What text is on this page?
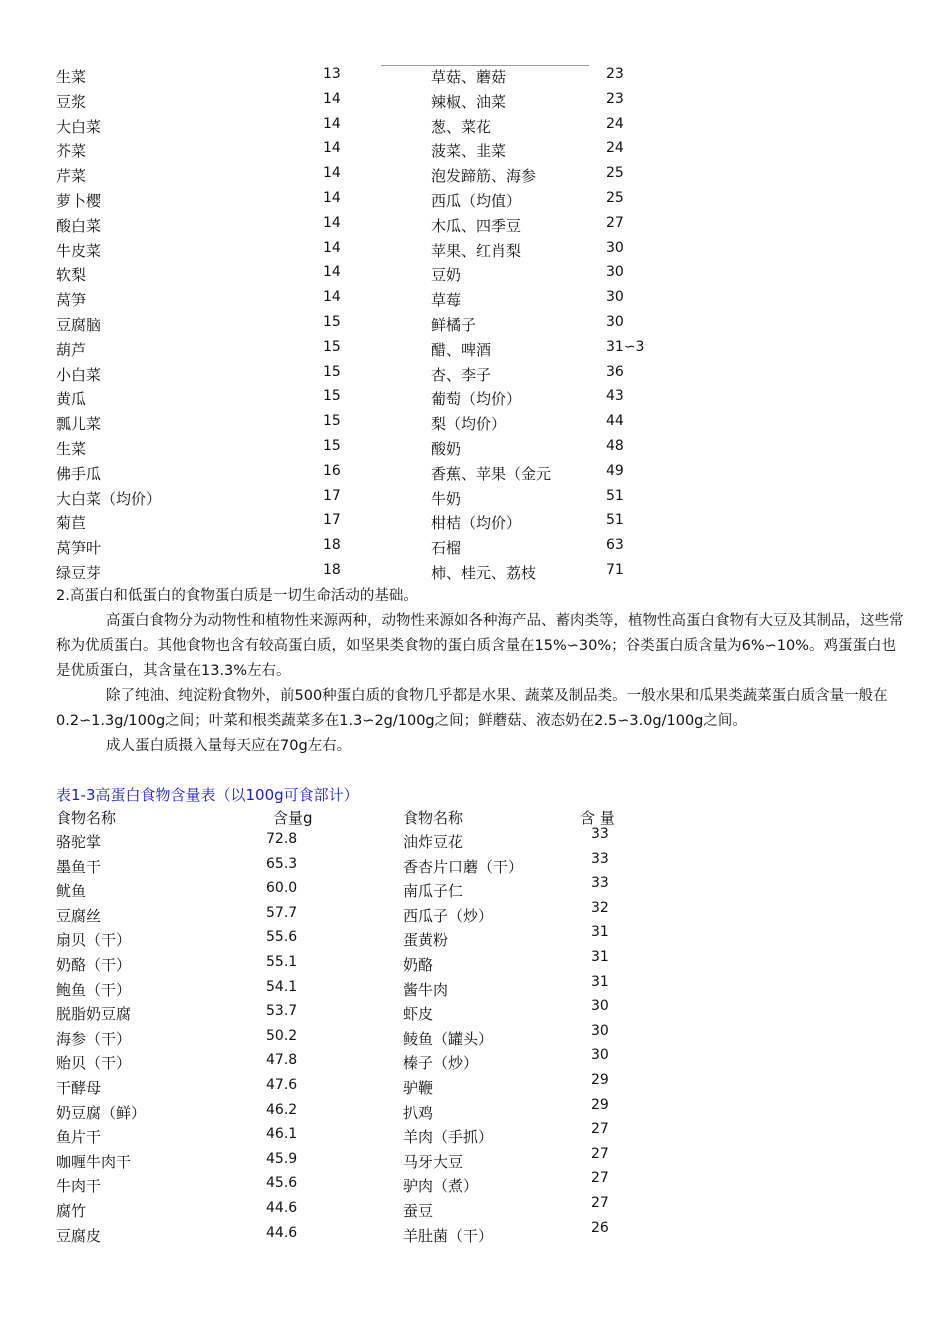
生菜	13	草菇、蘑菇	23
豆浆	14	辣椒、油菜	23
大白菜	14	葱、菜花	24
芥菜	14	菠菜、韭菜	24
芹菜	14	泡发蹄筋、海参	25
萝卜樱	14	西瓜（均值）	25
酸白菜	14	木瓜、四季豆	27
牛皮菜	14	苹果、红肖梨	30
软梨	14	豆奶	30
莴笋	14	草莓	30
豆腐脑	15	鲜橘子	30
葫芦	15	醋、啤酒	31∽3
小白菜	15	杏、李子	36
黄瓜	15	葡萄（均价）	43
瓢儿菜	15	梨（均价）	44
生菜	15	酸奶	48
佛手瓜	16	香蕉、苹果（金元	49
大白菜（均价）	17	牛奶	51
菊苣	17	柑桔（均价）	51
莴笋叶	18	石榴	63
绿豆芽	18	柿、桂元、荔枝	71

2.高蛋白和低蛋白的食物蛋白质是一切生命活动的基础。

高蛋白食物分为动物性和植物性来源两种，动物性来源如各种海产品、蓄肉类等，植物性高蛋白食物有大豆及其制品，这些常称为优质蛋白。其他食物也含有较高蛋白质，如坚果类食物的蛋白质含量在15%∽30%；谷类蛋白质含量为6%∽10%。鸡蛋蛋白也是优质蛋白，其含量在13.3%左右。

除了纯油、纯淀粉食物外，前500种蛋白质的食物几乎都是水果、蔬菜及制品类。一般水果和瓜果类蔬菜蛋白质含量一般在0.2∽1.3g/100g之间；叶菜和根类蔬菜多在1.3∽2g/100g之间；鲜蘑菇、液态奶在2.5∽3.0g/100g之间。

成人蛋白质摄入量每天应在70g左右。

表1-3高蛋白食物含量表（以100g可食部计）
食物名称	含量g	食物名称	含 量
骆驼掌	72.8	油炸豆花	33
墨鱼干	65.3	香杏片口蘑（干）	33
鱿鱼	60.0	南瓜子仁	33
豆腐丝	57.7	西瓜子（炒）	32
扇贝（干）	55.6	蛋黄粉	31
奶酪（干）	55.1	奶酪	31
鲍鱼（干）	54.1	酱牛肉	31
脱脂奶豆腐	53.7	虾皮	30
海参（干）	50.2	鲮鱼（罐头）	30
贻贝（干）	47.8	榛子（炒）	30
干酵母	47.6	驴鞭	29
奶豆腐（鲜）	46.2	扒鸡	29
鱼片干	46.1	羊肉（手抓）	27
咖喱牛肉干	45.9	马牙大豆	27
牛肉干	45.6	驴肉（煮）	27
腐竹	44.6	蚕豆	27
豆腐皮	44.6	羊肚菌（干）	26
